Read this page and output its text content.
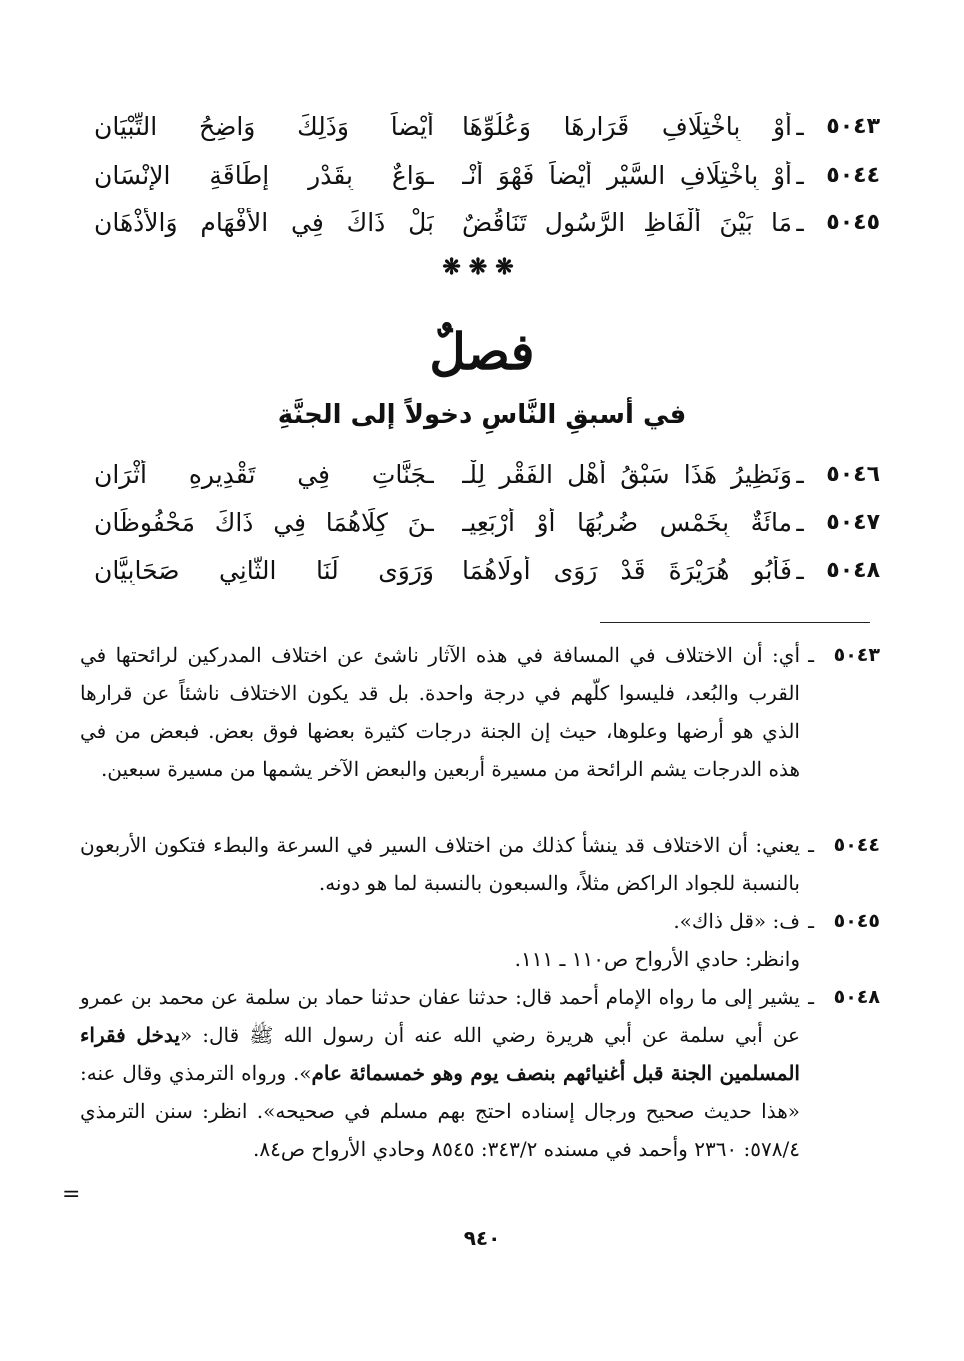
٥٠٤٣
ـ
أَوْ بِاخْتِلَافِ قَرَارِهَا وَعُلُوِّهَا
أَيْضاً وَذَلِكَ وَاضِحُ التِّبْيَانِ
٥٠٤٤
ـ
أَوْ بِاخْتِلَافِ السَّيْرِ أَيْضاً فَهْوَ أَنْـ
ـوَاعٌ بِقَدْرِ إِطَاقَةِ الإِنْسَانِ
٥٠٤٥
ـ
مَا بَيْنَ أَلْفَاظِ الرَّسُولِ تَنَاقُضٌ
بَلْ ذَاكَ فِي الأَفْهَامِ وَالأَذْهَانِ
❋❋❋
فصلٌ
في أسبقِ النَّاسِ دخولاً إلى الجنَّةِ
٥٠٤٦
ـ
وَنَظِيرُ هَذَا سَبْقُ أَهْلِ الفَقْرِ لِلْـ
ـجَنَّاتِ فِي تَقْدِيرِهِ أَثْرَانِ
٥٠٤٧
ـ
مائَةٌ بِخَمْسٍ ضُرِبُهَا أَوْ أَرْبَعِيـ
ـنَ كِلَاهُمَا فِي ذَاكَ مَحْفُوظَانِ
٥٠٤٨
ـ
فَأَبُو هُرَيْرَةَ قَدْ رَوَى أُولَاهُمَا
وَرَوَى لَنَا الثَّانِي صَحَابِيَّانِ
٥٠٤٣
ـ
أي: أن الاختلاف في المسافة في هذه الآثار ناشئ عن اختلاف المدركين لرائحتها في القرب والبُعد، فليسوا كلّهم في درجة واحدة. بل قد يكون الاختلاف ناشئاً عن قرارها الذي هو أرضها وعلوها، حيث إن الجنة درجات كثيرة بعضها فوق بعض. فبعض من في هذه الدرجات يشم الرائحة من مسيرة أربعين والبعض الآخر يشمها من مسيرة سبعين.
٥٠٤٤
ـ
يعني: أن الاختلاف قد ينشأ كذلك من اختلاف السير في السرعة والبطء فتكون الأربعون بالنسبة للجواد الراكض مثلاً، والسبعون بالنسبة لما هو دونه.
٥٠٤٥
ـ

ف: «قل ذاك».

وانظر: حادي الأرواح ص١١٠ ـ ١١١.

٥٠٤٨
ـ
يشير إلى ما رواه الإمام أحمد قال: حدثنا عفان حدثنا حماد بن سلمة عن محمد بن عمرو عن أبي سلمة عن أبي هريرة رضي الله عنه أن رسول الله ﷺ قال: «يدخل فقراء المسلمين الجنة قبل أغنيائهم بنصف يوم وهو خمسمائة عام». ورواه الترمذي وقال عنه: «هذا حديث صحيح ورجال إسناده احتج بهم مسلم في صحيحه». انظر: سنن الترمذي ٥٧٨/٤: ٢٣٦٠ وأحمد في مسنده ٣٤٣/٢: ٨٥٤٥ وحادي الأرواح ص٨٤.
=
٩٤٠
